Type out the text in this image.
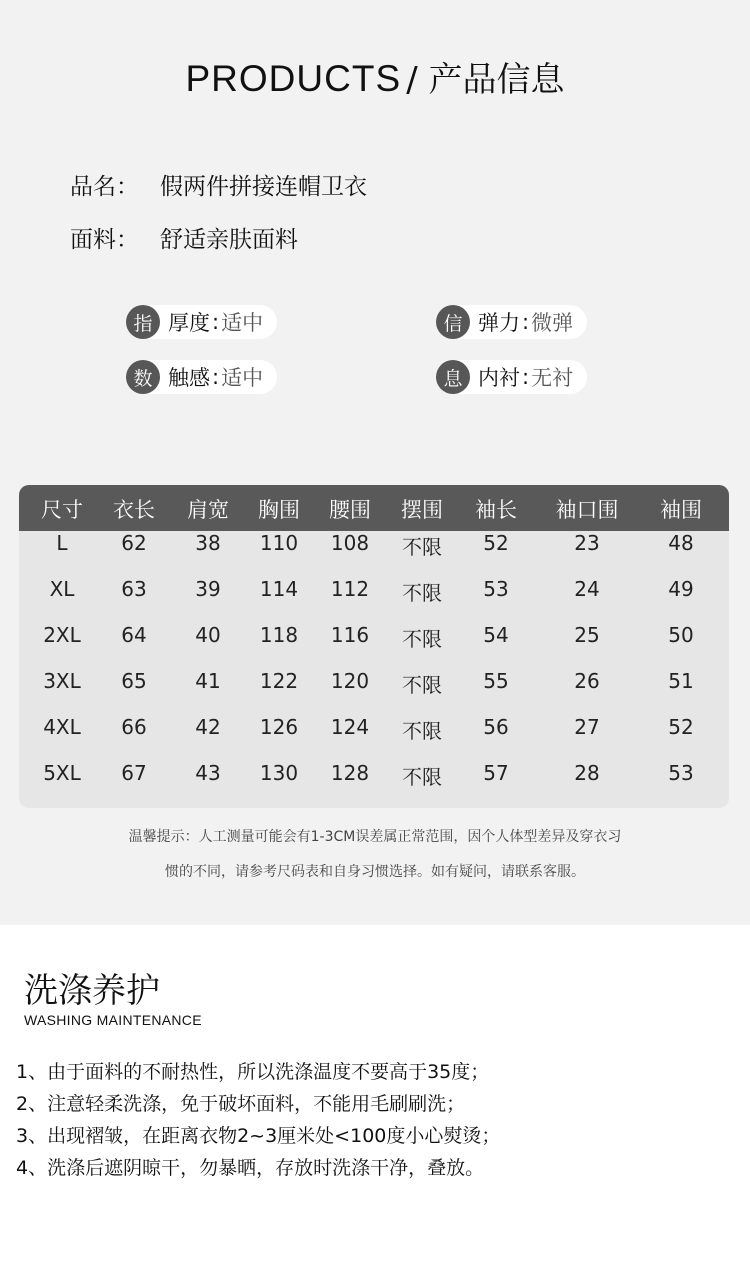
PRODUCTS / 产品信息
品名： 假两件拼接连帽卫衣
面料： 舒适亲肤面料
指 厚度 : 适中	信 弹力 : 微弹
数 触感 : 适中	息 内衬 : 无衬
尺寸 衣长 肩宽 胸围 腰围 摆围 袖长 袖口围 袖围
L	62 38 110 108 不限 52	23	48
XL 63 39 114 112 不限 53	24	49
2XL 64 40 118 116 不限 54	25	50
3XL 65 41 122 120 不限 55	26	51
4XL 66 42 126 124 不限 56	27	52
5XL 67 43 130 128 不限 57	28	53
温馨提示：人工测量可能会有1-3CM误差属正常范围，因个人体型差异及穿衣习
惯的不同，请参考尺码表和自身习惯选择。如有疑问，请联系客服。
洗涤养护
WASHING MAINTENANCE
1、由于面料的不耐热性，所以洗涤温度不要高于35度；
2、注意轻柔洗涤，免于破坏面料，不能用毛刷刷洗；
3、出现褶皱，在距离衣物2~3厘米处<100度小心熨烫；
4、洗涤后遮阴晾干，勿暴晒，存放时洗涤干净，叠放。
